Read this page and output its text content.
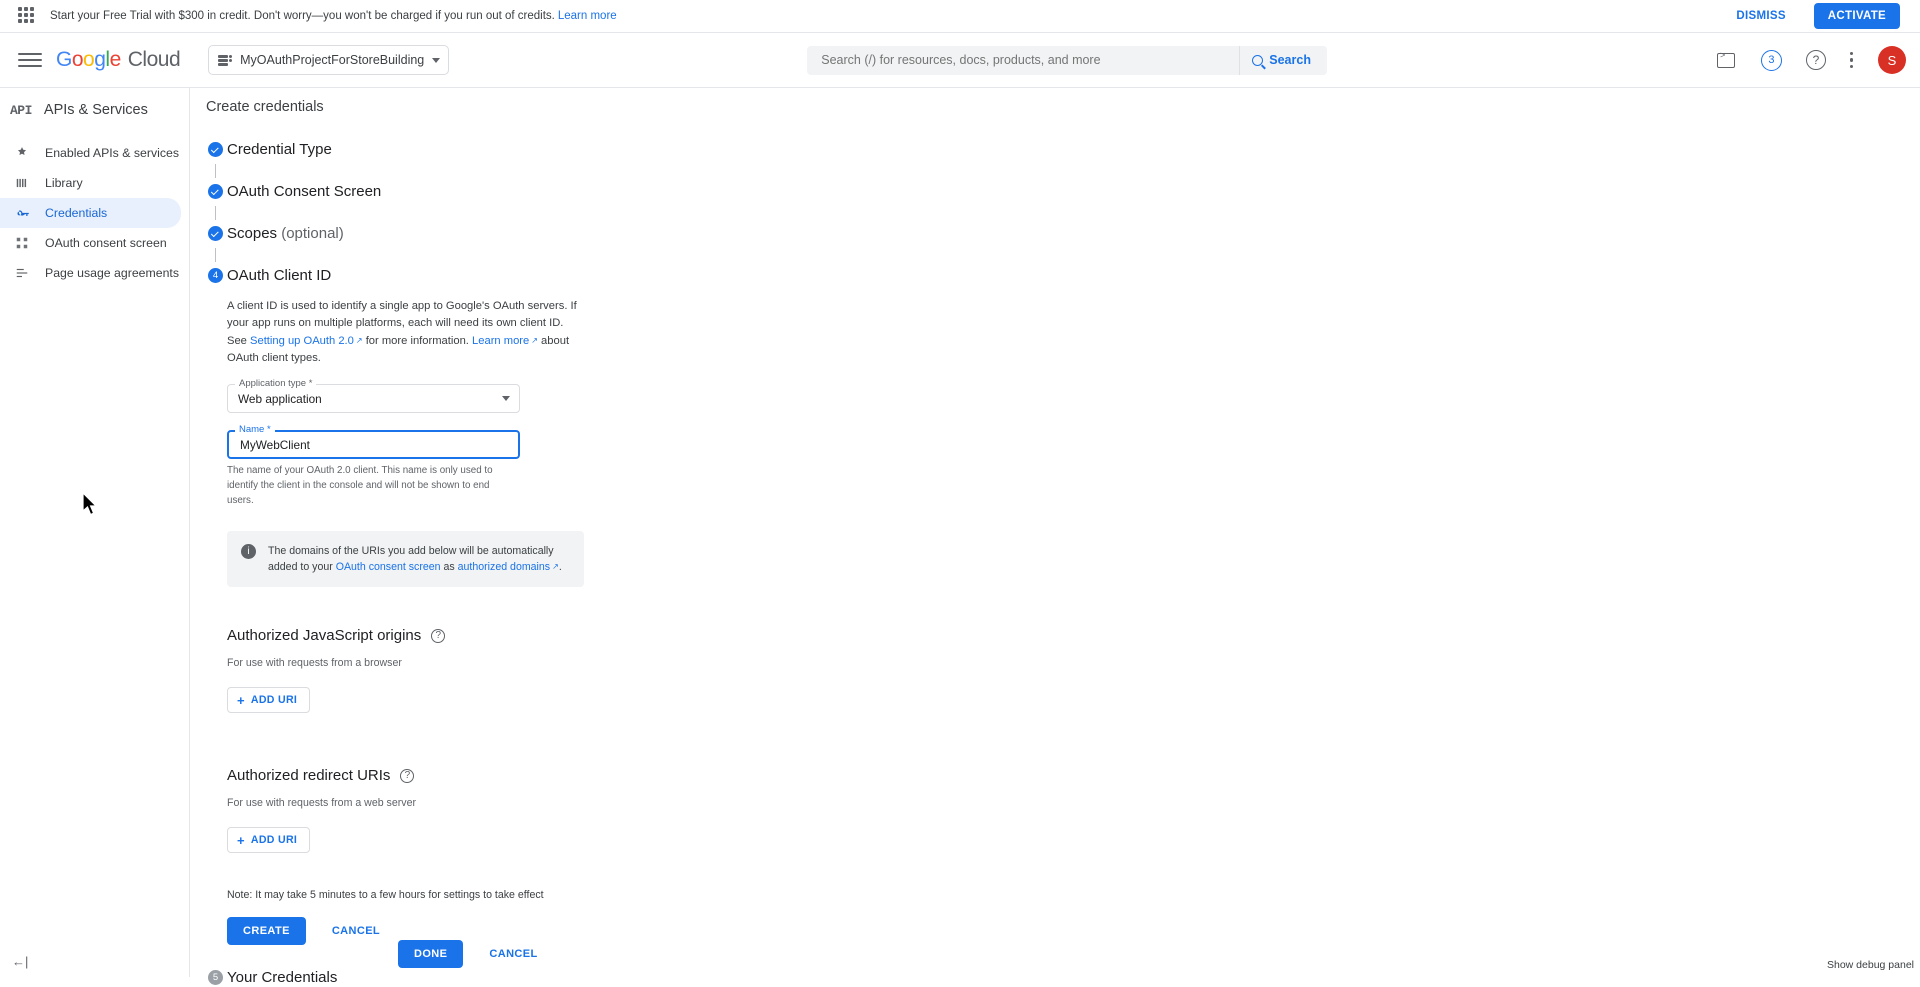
Start your Free Trial with $300 in credit. Don't worry—you won't be charged if you run out of credits. Learn more	DISMISS	ACTIVATE
G o o g l e Cloud	MyOAuthProjectForStoreBuilding
Search (/) for resources, docs, products, and more	Search >	3	?	S
API APIs & Services
Enabled APIs & services
Library
Credentials
OAuth consent screen
Page usage agreements
←|
Create credentials
Credential Type
OAuth Consent Screen
Scopes (optional)
4 OAuth Client ID

A client ID is used to identify a single app to Google's OAuth servers. If your app runs on multiple platforms, each will need its own client ID. See Setting up OAuth 2.0 ↗ for more information. Learn more ↗ about OAuth client types.

Application type *
Web application
Name *
MyWebClient
The name of your OAuth 2.0 client. This name is only used to identify the client in the console and will not be shown to end users.
i	The domains of the URIs you add below will be automatically added to your OAuth consent screen as authorized domains ↗ .
Authorized JavaScript origins	?
For use with requests from a browser
+ ADD URI
Authorized redirect URIs	?
For use with requests from a web server
+ ADD URI
Note: It may take 5 minutes to a few hours for settings to take effect
CREATE	CANCEL
5 Your Credentials
DONE	CANCEL
Show debug panel
